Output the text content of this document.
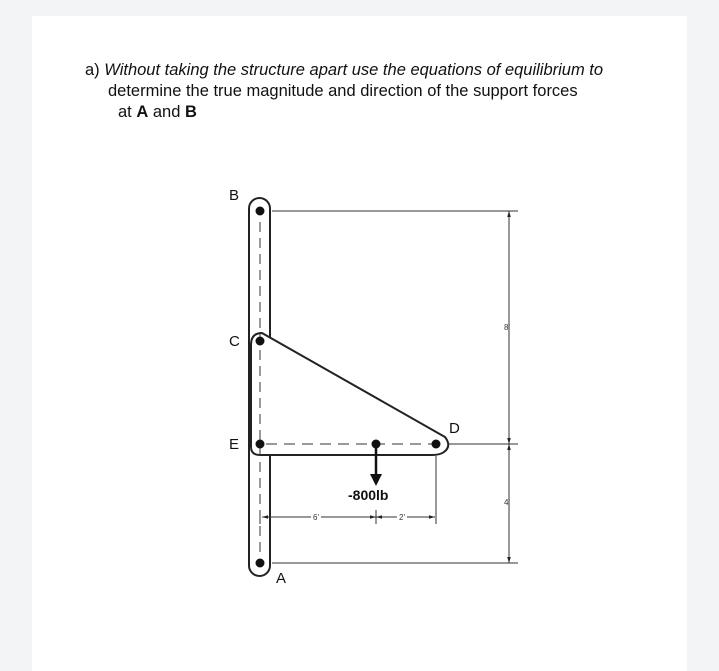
a) Without taking the structure apart use the equations of equilibrium to
determine the true magnitude and direction of the support forces
at A and B
-800lb
B
C
E
D
A
8'
4'
6'	2'
